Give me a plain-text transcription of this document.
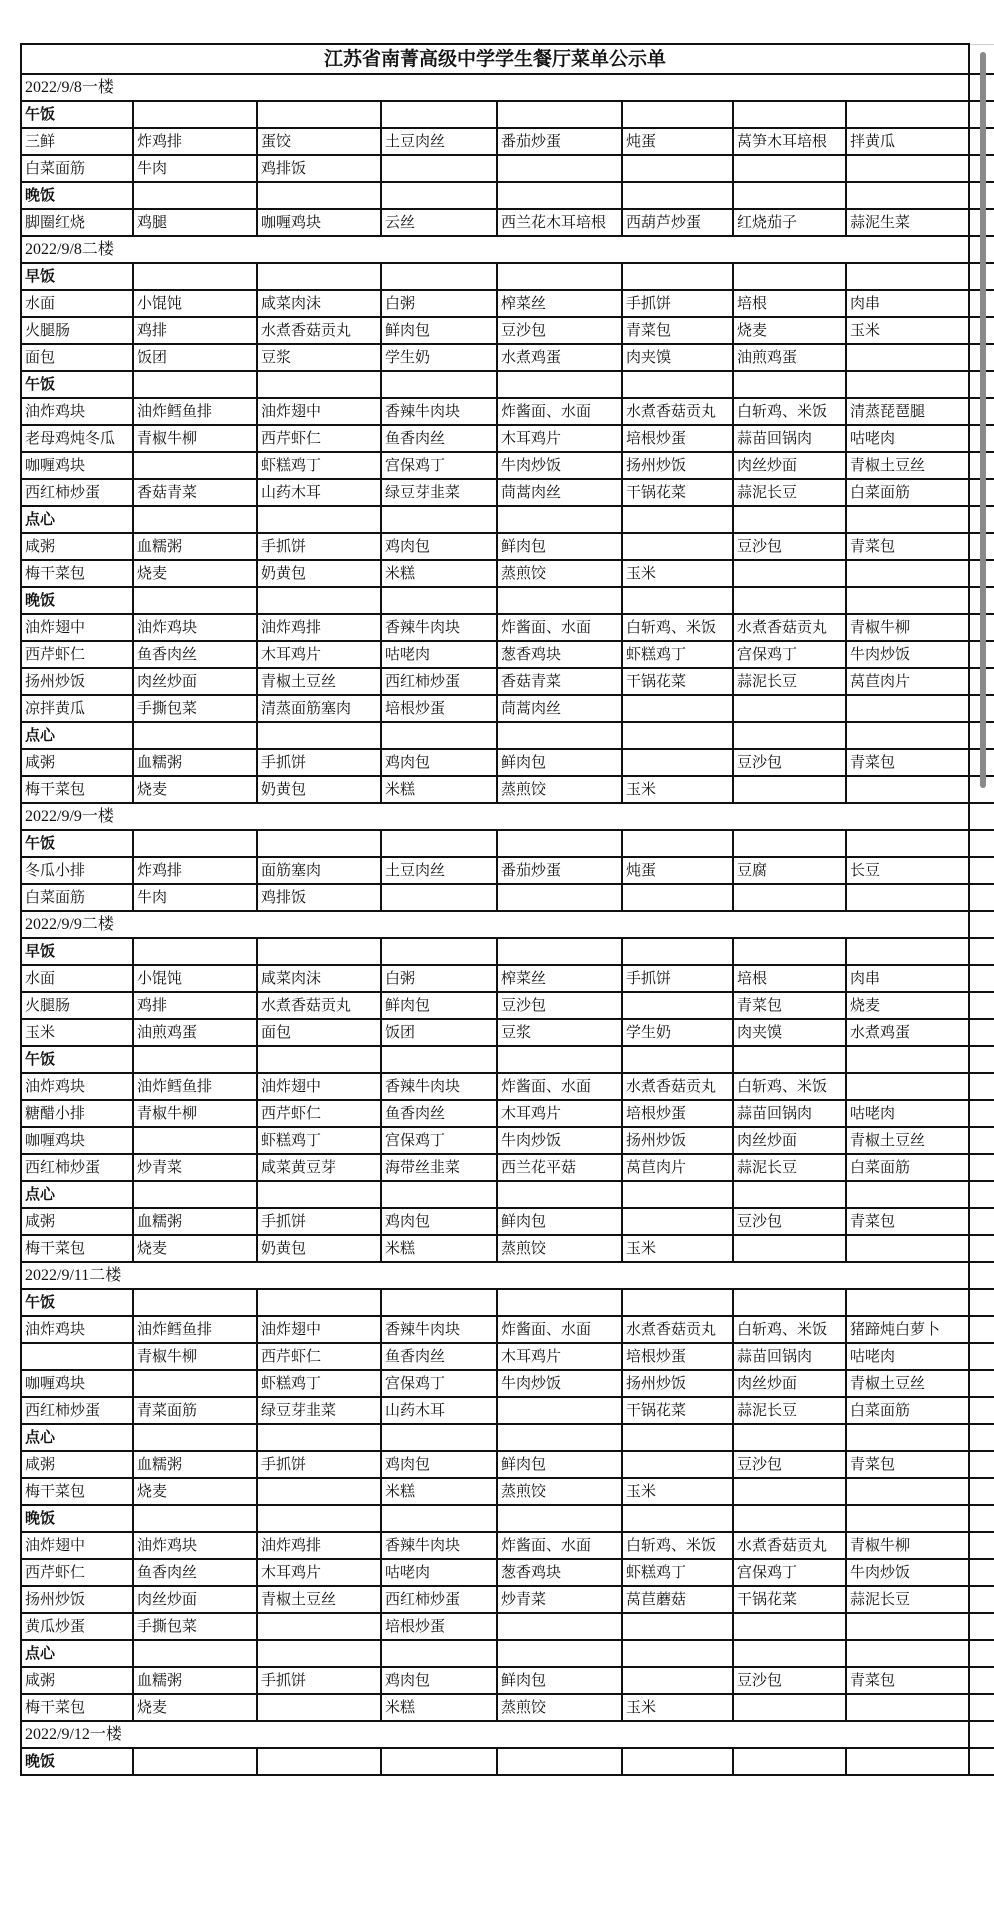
江苏省南菁高级中学学生餐厅菜单公示单								
2022/9/8一楼								
午饭								
三鲜	炸鸡排	蛋饺	土豆肉丝	番茄炒蛋	炖蛋	莴笋木耳培根	拌黄瓜	
白菜面筋	牛肉	鸡排饭						
晚饭								
脚圈红烧	鸡腿	咖喱鸡块	云丝	西兰花木耳培根	西葫芦炒蛋	红烧茄子	蒜泥生菜	
2022/9/8二楼								
早饭								
水面	小馄饨	咸菜肉沫	白粥	榨菜丝	手抓饼	培根	肉串	
火腿肠	鸡排	水煮香菇贡丸	鲜肉包	豆沙包	青菜包	烧麦	玉米	
面包	饭团	豆浆	学生奶	水煮鸡蛋	肉夹馍	油煎鸡蛋		
午饭								
油炸鸡块	油炸鳕鱼排	油炸翅中	香辣牛肉块	炸酱面、水面	水煮香菇贡丸	白斩鸡、米饭	清蒸琵琶腿	
老母鸡炖冬瓜	青椒牛柳	西芹虾仁	鱼香肉丝	木耳鸡片	培根炒蛋	蒜苗回锅肉	咕咾肉	
咖喱鸡块		虾糕鸡丁	宫保鸡丁	牛肉炒饭	扬州炒饭	肉丝炒面	青椒土豆丝	
西红柿炒蛋	香菇青菜	山药木耳	绿豆芽韭菜	茼蒿肉丝	干锅花菜	蒜泥长豆	白菜面筋	
点心								
咸粥	血糯粥	手抓饼	鸡肉包	鲜肉包		豆沙包	青菜包	
梅干菜包	烧麦	奶黄包	米糕	蒸煎饺	玉米			
晚饭								
油炸翅中	油炸鸡块	油炸鸡排	香辣牛肉块	炸酱面、水面	白斩鸡、米饭	水煮香菇贡丸	青椒牛柳	
西芹虾仁	鱼香肉丝	木耳鸡片	咕咾肉	葱香鸡块	虾糕鸡丁	宫保鸡丁	牛肉炒饭	
扬州炒饭	肉丝炒面	青椒土豆丝	西红柿炒蛋	香菇青菜	干锅花菜	蒜泥长豆	莴苣肉片	
凉拌黄瓜	手撕包菜	清蒸面筋塞肉	培根炒蛋	茼蒿肉丝				
点心								
咸粥	血糯粥	手抓饼	鸡肉包	鲜肉包		豆沙包	青菜包	
梅干菜包	烧麦	奶黄包	米糕	蒸煎饺	玉米			
2022/9/9一楼								
午饭								
冬瓜小排	炸鸡排	面筋塞肉	土豆肉丝	番茄炒蛋	炖蛋	豆腐	长豆	
白菜面筋	牛肉	鸡排饭						
2022/9/9二楼								
早饭								
水面	小馄饨	咸菜肉沫	白粥	榨菜丝	手抓饼	培根	肉串	
火腿肠	鸡排	水煮香菇贡丸	鲜肉包	豆沙包		青菜包	烧麦	
玉米	油煎鸡蛋	面包	饭团	豆浆	学生奶	肉夹馍	水煮鸡蛋	
午饭								
油炸鸡块	油炸鳕鱼排	油炸翅中	香辣牛肉块	炸酱面、水面	水煮香菇贡丸	白斩鸡、米饭		
糖醋小排	青椒牛柳	西芹虾仁	鱼香肉丝	木耳鸡片	培根炒蛋	蒜苗回锅肉	咕咾肉	
咖喱鸡块		虾糕鸡丁	宫保鸡丁	牛肉炒饭	扬州炒饭	肉丝炒面	青椒土豆丝	
西红柿炒蛋	炒青菜	咸菜黄豆芽	海带丝韭菜	西兰花平菇	莴苣肉片	蒜泥长豆	白菜面筋	
点心								
咸粥	血糯粥	手抓饼	鸡肉包	鲜肉包		豆沙包	青菜包	
梅干菜包	烧麦	奶黄包	米糕	蒸煎饺	玉米			
2022/9/11二楼								
午饭								
油炸鸡块	油炸鳕鱼排	油炸翅中	香辣牛肉块	炸酱面、水面	水煮香菇贡丸	白斩鸡、米饭	猪蹄炖白萝卜	
	青椒牛柳	西芹虾仁	鱼香肉丝	木耳鸡片	培根炒蛋	蒜苗回锅肉	咕咾肉	
咖喱鸡块		虾糕鸡丁	宫保鸡丁	牛肉炒饭	扬州炒饭	肉丝炒面	青椒土豆丝	
西红柿炒蛋	青菜面筋	绿豆芽韭菜	山药木耳		干锅花菜	蒜泥长豆	白菜面筋	
点心								
咸粥	血糯粥	手抓饼	鸡肉包	鲜肉包		豆沙包	青菜包	
梅干菜包	烧麦		米糕	蒸煎饺	玉米			
晚饭								
油炸翅中	油炸鸡块	油炸鸡排	香辣牛肉块	炸酱面、水面	白斩鸡、米饭	水煮香菇贡丸	青椒牛柳	
西芹虾仁	鱼香肉丝	木耳鸡片	咕咾肉	葱香鸡块	虾糕鸡丁	宫保鸡丁	牛肉炒饭	
扬州炒饭	肉丝炒面	青椒土豆丝	西红柿炒蛋	炒青菜	莴苣蘑菇	干锅花菜	蒜泥长豆	
黄瓜炒蛋	手撕包菜		培根炒蛋					
点心								
咸粥	血糯粥	手抓饼	鸡肉包	鲜肉包		豆沙包	青菜包	
梅干菜包	烧麦		米糕	蒸煎饺	玉米			
2022/9/12一楼								
晚饭								
